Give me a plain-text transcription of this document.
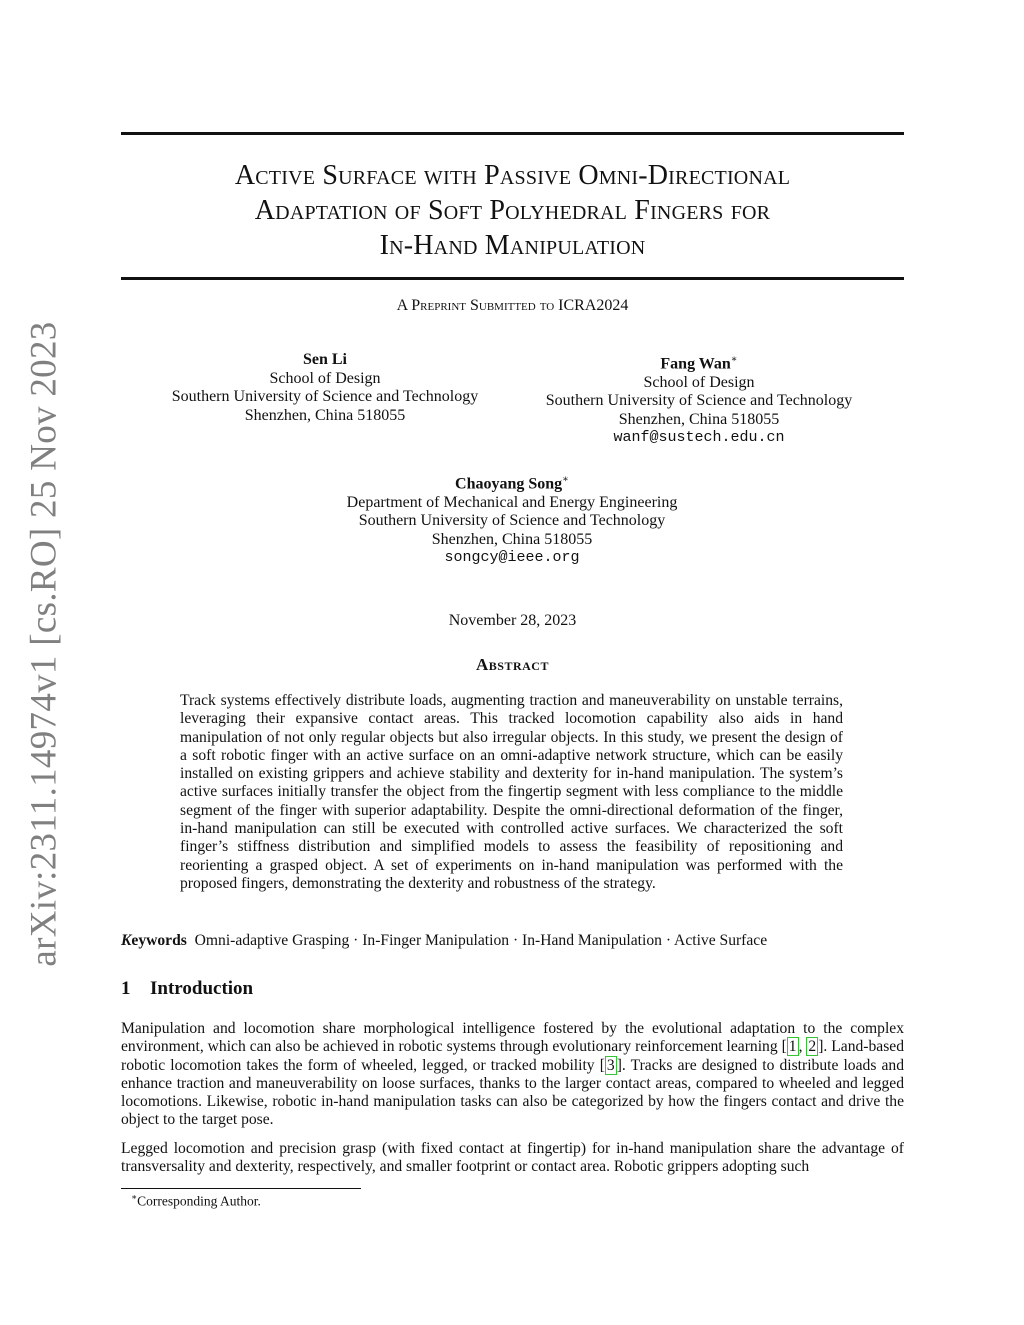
arXiv:2311.14974v1 [cs.RO] 25 Nov 2023
Active Surface with Passive Omni-Directional
Adaptation of Soft Polyhedral Fingers for
In-Hand Manipulation
A Preprint Submitted to ICRA2024
Sen Li
School of Design
Southern University of Science and Technology
Shenzhen, China 518055
Fang Wan∗
School of Design
Southern University of Science and Technology
Shenzhen, China 518055
wanf@sustech.edu.cn
Chaoyang Song∗
Department of Mechanical and Energy Engineering
Southern University of Science and Technology
Shenzhen, China 518055
songcy@ieee.org
November 28, 2023
Abstract
Track systems effectively distribute loads, augmenting traction and maneuverability on unstable terrains, leveraging their expansive contact areas. This tracked locomotion capability also aids in hand manipulation of not only regular objects but also irregular objects. In this study, we present the design of a soft robotic finger with an active surface on an omni-adaptive network structure, which can be easily installed on existing grippers and achieve stability and dexterity for in-hand manipulation. The system’s active surfaces initially transfer the object from the fingertip segment with less compliance to the middle segment of the finger with superior adaptability. Despite the omni-directional deformation of the finger, in-hand manipulation can still be executed with controlled active surfaces. We characterized the soft finger’s stiffness distribution and simplified models to assess the feasibility of repositioning and reorienting a grasped object. A set of experiments on in-hand manipulation was performed with the proposed fingers, demonstrating the dexterity and robustness of the strategy.
Keywords Omni-adaptive Grasping · In-Finger Manipulation · In-Hand Manipulation · Active Surface
1 Introduction

Manipulation and locomotion share morphological intelligence fostered by the evolutional adaptation to the complex environment, which can also be achieved in robotic systems through evolutionary reinforcement learning [ 1 , 2 ]. Land-based robotic locomotion takes the form of wheeled, legged, or tracked mobility [ 3 ]. Tracks are designed to distribute loads and enhance traction and maneuverability on loose surfaces, thanks to the larger contact areas, compared to wheeled and legged locomotions. Likewise, robotic in-hand manipulation tasks can also be categorized by how the fingers contact and drive the object to the target pose.

Legged locomotion and precision grasp (with fixed contact at fingertip) for in-hand manipulation share the advantage of transversality and dexterity, respectively, and smaller footprint or contact area. Robotic grippers adopting such

∗Corresponding Author.
